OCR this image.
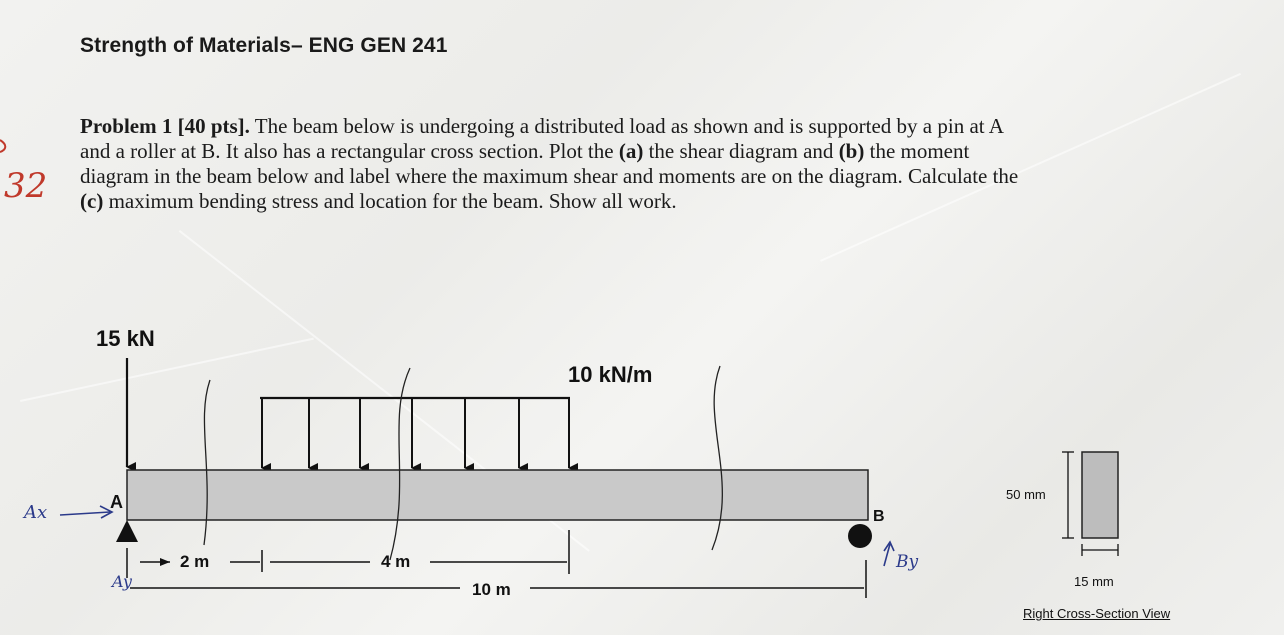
Strength of Materials– ENG GEN 241
Problem 1 [40 pts]. The beam below is undergoing a distributed load as shown and is supported by a pin at A
and a roller at B. It also has a rectangular cross section. Plot the (a) the shear diagram and (b) the moment
diagram in the beam below and label where the maximum shear and moments are on the diagram. Calculate the
(c) maximum bending stress and location for the beam. Show all work.
15 kN
10 kN/m
A
B
2 m	4 m
10 m
50 mm
15 mm
Right Cross-Section View
32
Ax
Ay
By
